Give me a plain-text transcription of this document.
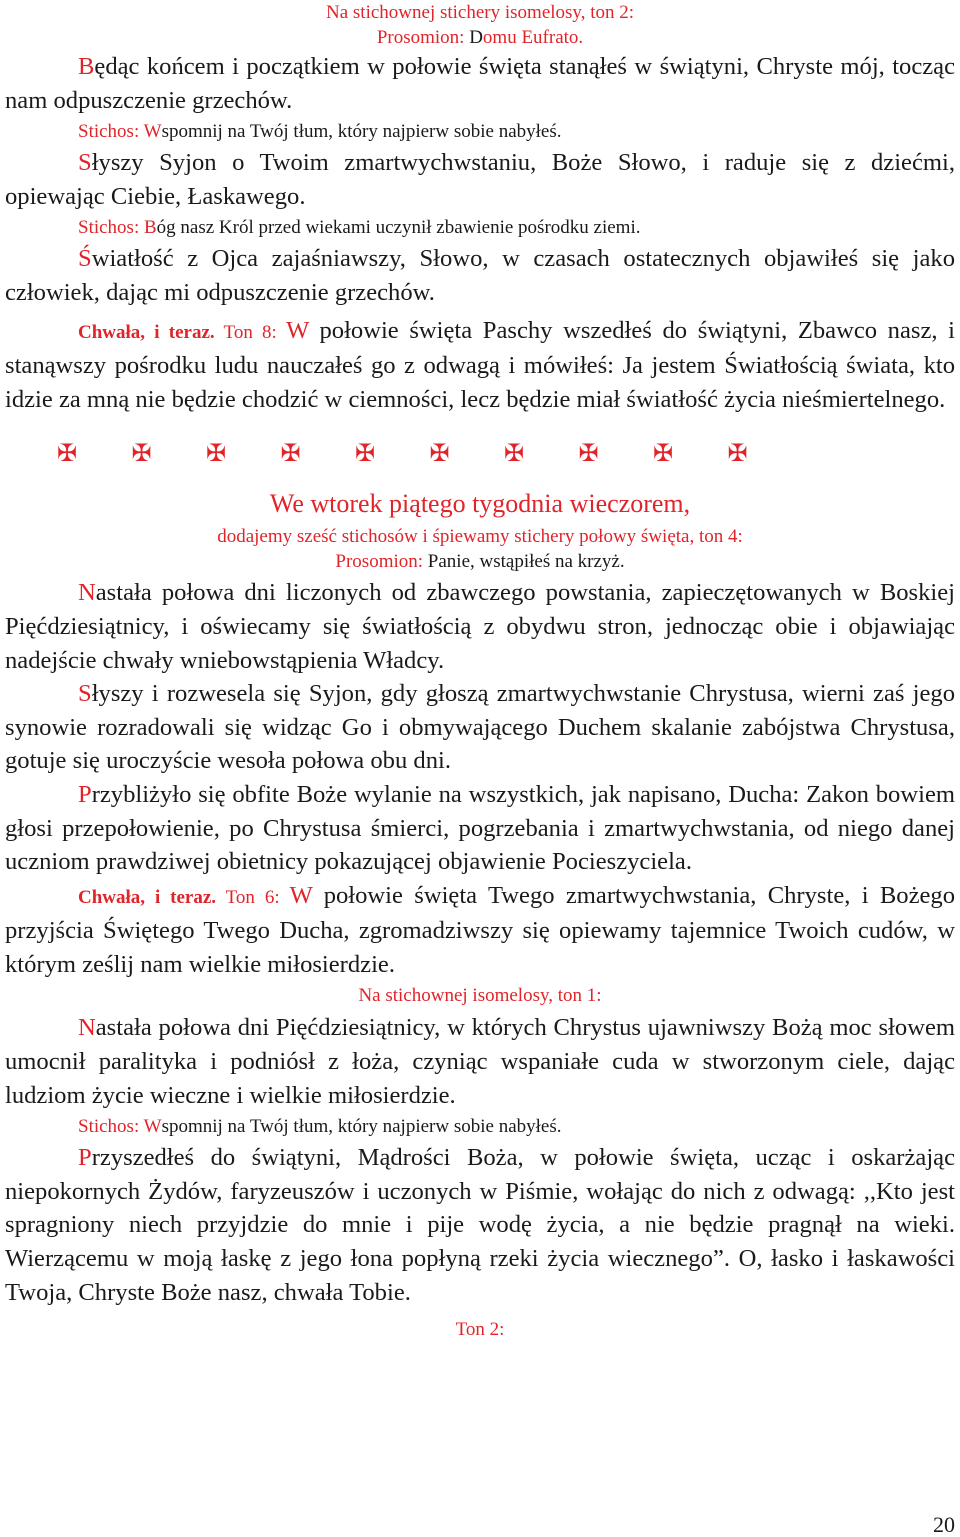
Na stichownej stichery isomelosy, ton 2:

Prosomion: Domu Eufrato.

Będąc końcem i początkiem w połowie święta stanąłeś w świątyni, Chryste mój, tocząc nam odpuszczenie grzechów.

Stichos: Wspomnij na Twój tłum, który najpierw sobie nabyłeś.

Słyszy Syjon o Twoim zmartwychwstaniu, Boże Słowo, i raduje się z dziećmi, opiewając Ciebie, Łaskawego.

Stichos: Bóg nasz Król przed wiekami uczynił zbawienie pośrodku ziemi.

Światłość z Ojca zajaśniawszy, Słowo, w czasach ostatecznych objawiłeś się jako człowiek, dając mi odpuszczenie grzechów.

Chwała, i teraz. Ton 8: W połowie święta Paschy wszedłeś do świątyni, Zbawco nasz, i stanąwszy pośrodku ludu nauczałeś go z odwagą i mówiłeś: Ja jestem Światłością świata, kto idzie za mną nie będzie chodzić w ciemności, lecz będzie miał światłość życia nieśmiertelnego.

✠ ✠ ✠ ✠ ✠ ✠ ✠ ✠ ✠ ✠

We wtorek piątego tygodnia wieczorem,

dodajemy sześć stichosów i śpiewamy stichery połowy święta, ton 4:

Prosomion: Panie, wstąpiłeś na krzyż.

Nastała połowa dni liczonych od zbawczego powstania, zapieczętowanych w Boskiej Pięćdziesiątnicy, i oświecamy się światłością z obydwu stron, jednocząc obie i objawiając nadejście chwały wniebowstąpienia Władcy.

Słyszy i rozwesela się Syjon, gdy głoszą zmartwychwstanie Chrystusa, wierni zaś jego synowie rozradowali się widząc Go i obmywającego Duchem skalanie zabójstwa Chrystusa, gotuje się uroczyście wesoła połowa obu dni.

Przybliżyło się obfite Boże wylanie na wszystkich, jak napisano, Ducha: Zakon bowiem głosi przepołowienie, po Chrystusa śmierci, pogrzebania i zmartwychwstania, od niego danej uczniom prawdziwej obietnicy pokazującej objawienie Pocieszyciela.

Chwała, i teraz. Ton 6: W połowie święta Twego zmartwychwstania, Chryste, i Bożego przyjścia Świętego Twego Ducha, zgromadziwszy się opiewamy tajemnice Twoich cudów, w którym ześlij nam wielkie miłosierdzie.

Na stichownej isomelosy, ton 1:

Nastała połowa dni Pięćdziesiątnicy, w których Chrystus ujawniwszy Bożą moc słowem umocnił paralityka i podniósł z łoża, czyniąc wspaniałe cuda w stworzonym ciele, dając ludziom życie wieczne i wielkie miłosierdzie.

Stichos: Wspomnij na Twój tłum, który najpierw sobie nabyłeś.

Przyszedłeś do świątyni, Mądrości Boża, w połowie święta, ucząc i oskarżając niepokornych Żydów, faryzeuszów i uczonych w Piśmie, wołając do nich z odwagą: ,,Kto jest spragniony niech przyjdzie do mnie i pije wodę życia, a nie będzie pragnął na wieki. Wierzącemu w moją łaskę z jego łona popłyną rzeki życia wiecznego”. O, łasko i łaskawości Twoja, Chryste Boże nasz, chwała Tobie.

Ton 2:

20
